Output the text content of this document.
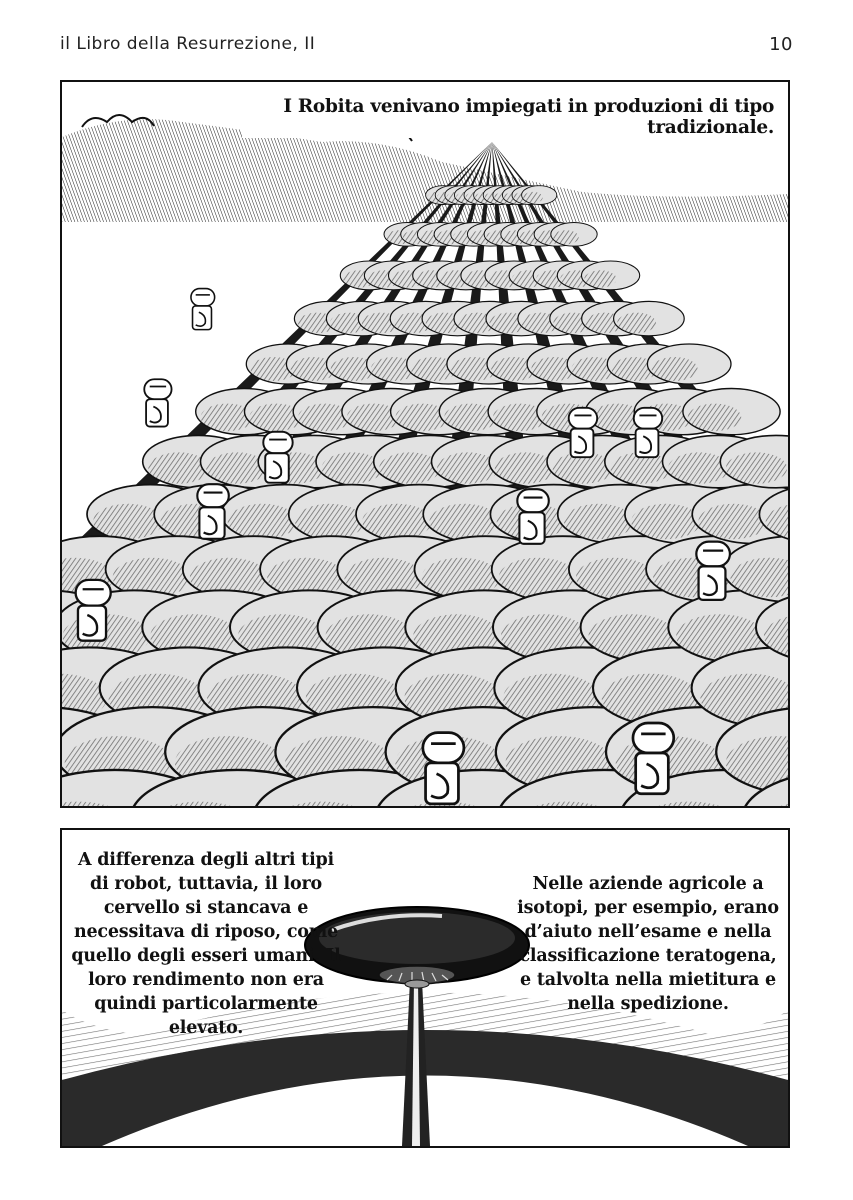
il Libro della Resurrezione, II	10
I Robita venivano impiegati in produzioni di tipo tradizionale.
A differenza degli altri tipi di robot, tuttavia, il loro cervello si stancava e necessitava di riposo, come quello degli esseri umani. Il loro rendimento non era quindi particolarmente elevato.
Nelle aziende agricole a isotopi, per esempio, erano d’aiuto nell’esame e nella classificazione teratogena, e talvolta nella mietitura e nella spedizione.
